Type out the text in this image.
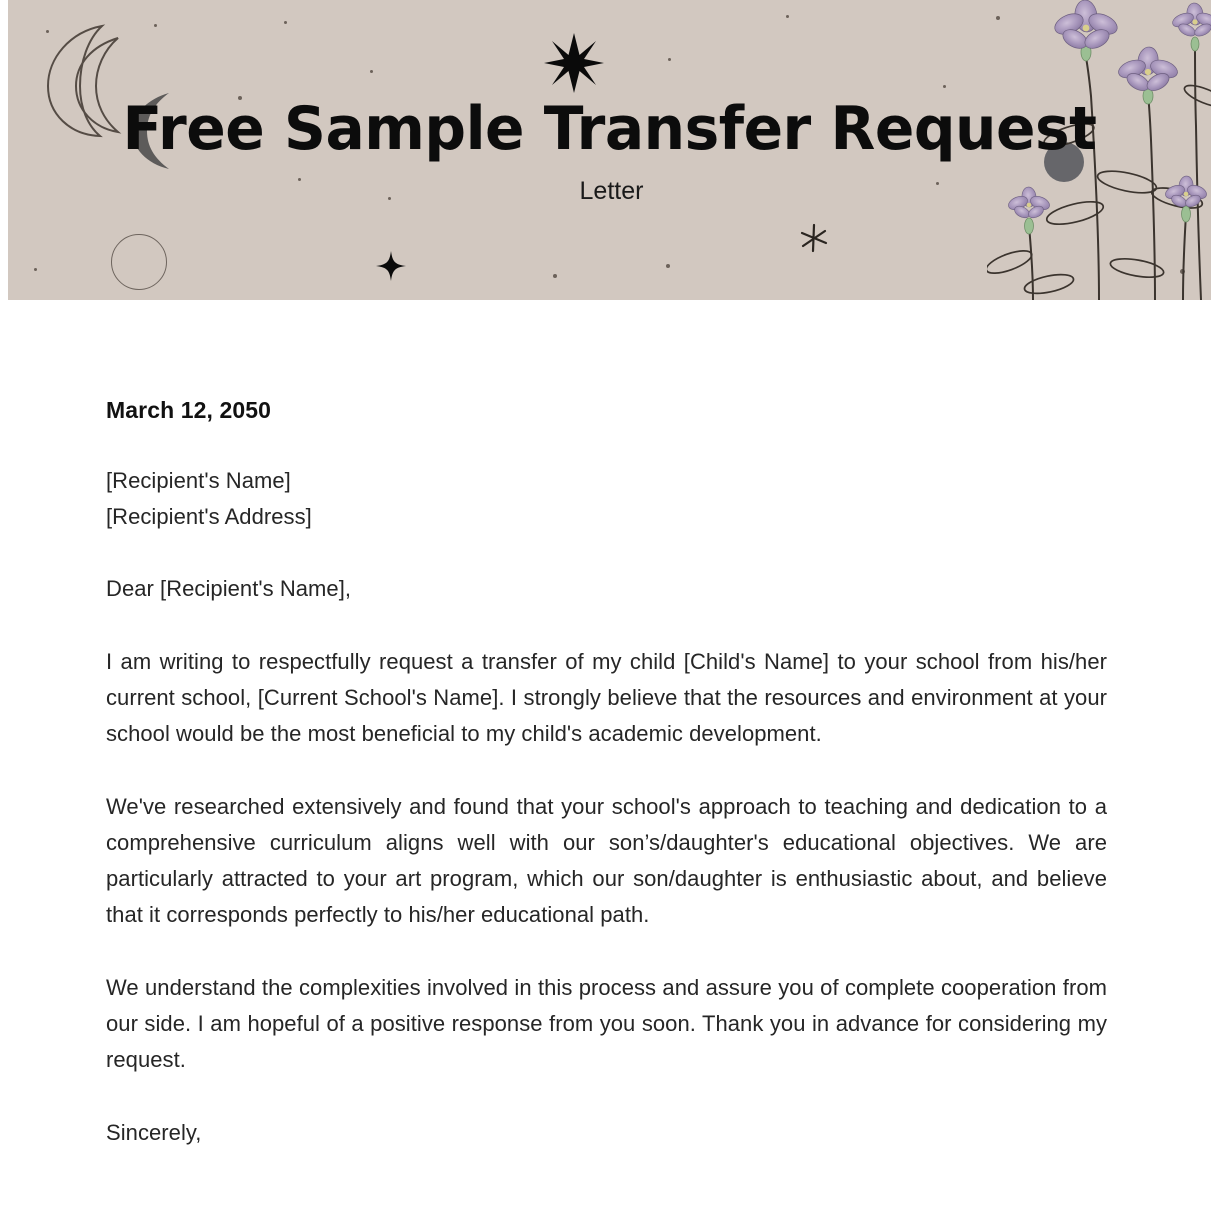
Free Sample Transfer Request
Letter
March 12, 2050
[Recipient's Name]
[Recipient's Address]
Dear [Recipient's Name],

I am writing to respectfully request a transfer of my child [Child's Name] to your school from his/her current school, [Current School's Name]. I strongly believe that the resources and environment at your school would be the most beneficial to my child's academic development.

We've researched extensively and found that your school's approach to teaching and dedication to a comprehensive curriculum aligns well with our son’s/daughter's educational objectives. We are particularly attracted to your art program, which our son/daughter is enthusiastic about, and believe that it corresponds perfectly to his/her educational path.

We understand the complexities involved in this process and assure you of complete cooperation from our side. I am hopeful of a positive response from you soon. Thank you in advance for considering my request.

Sincerely,
